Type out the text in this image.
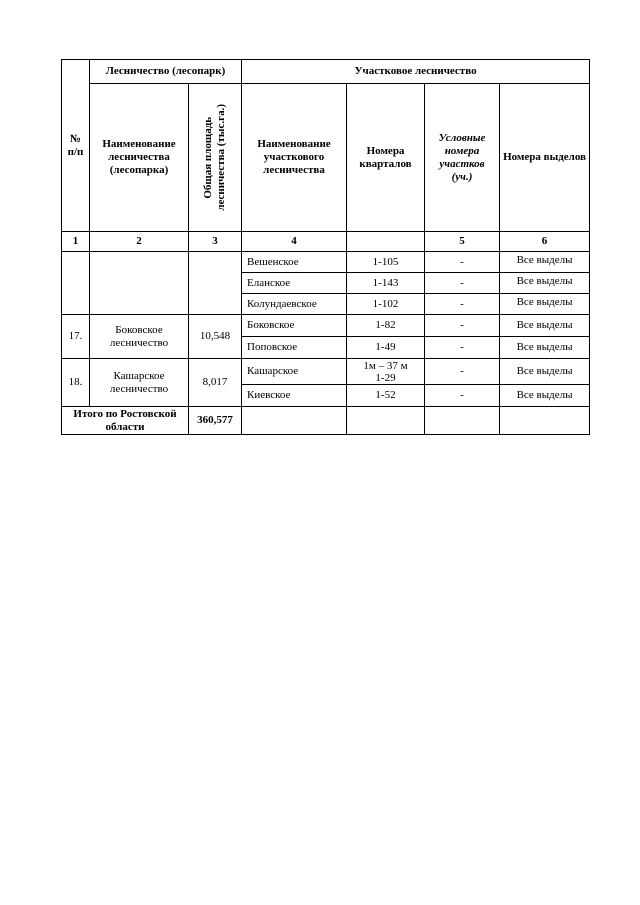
№ п/п	Лесничество (лесопарк)		Участковое лесничество			
	Наименование лесничества (лесопарка)	Общая площадь
лесничества (тыс.га.)	Наименование участкового лесничества	Номера кварталов	Условные номера участков (уч.)	Номера выделов
1	2	3	4		5	6
			Вешенское	1-105	-	Все выделы
			Еланское	1-143	-	Все выделы
			Колундаевское	1-102	-	Все выделы
17.	Боковское лесничество	10,548	Боковское	1-82	-	Все выделы
			Поповское	1-49	-	Все выделы
18.	Кашарское лесничество	8,017	Кашарское	1м – 37 м
1-29	-	Все выделы
			Киевское	1-52	-	Все выделы
Итого по Ростовской области		360,577				
